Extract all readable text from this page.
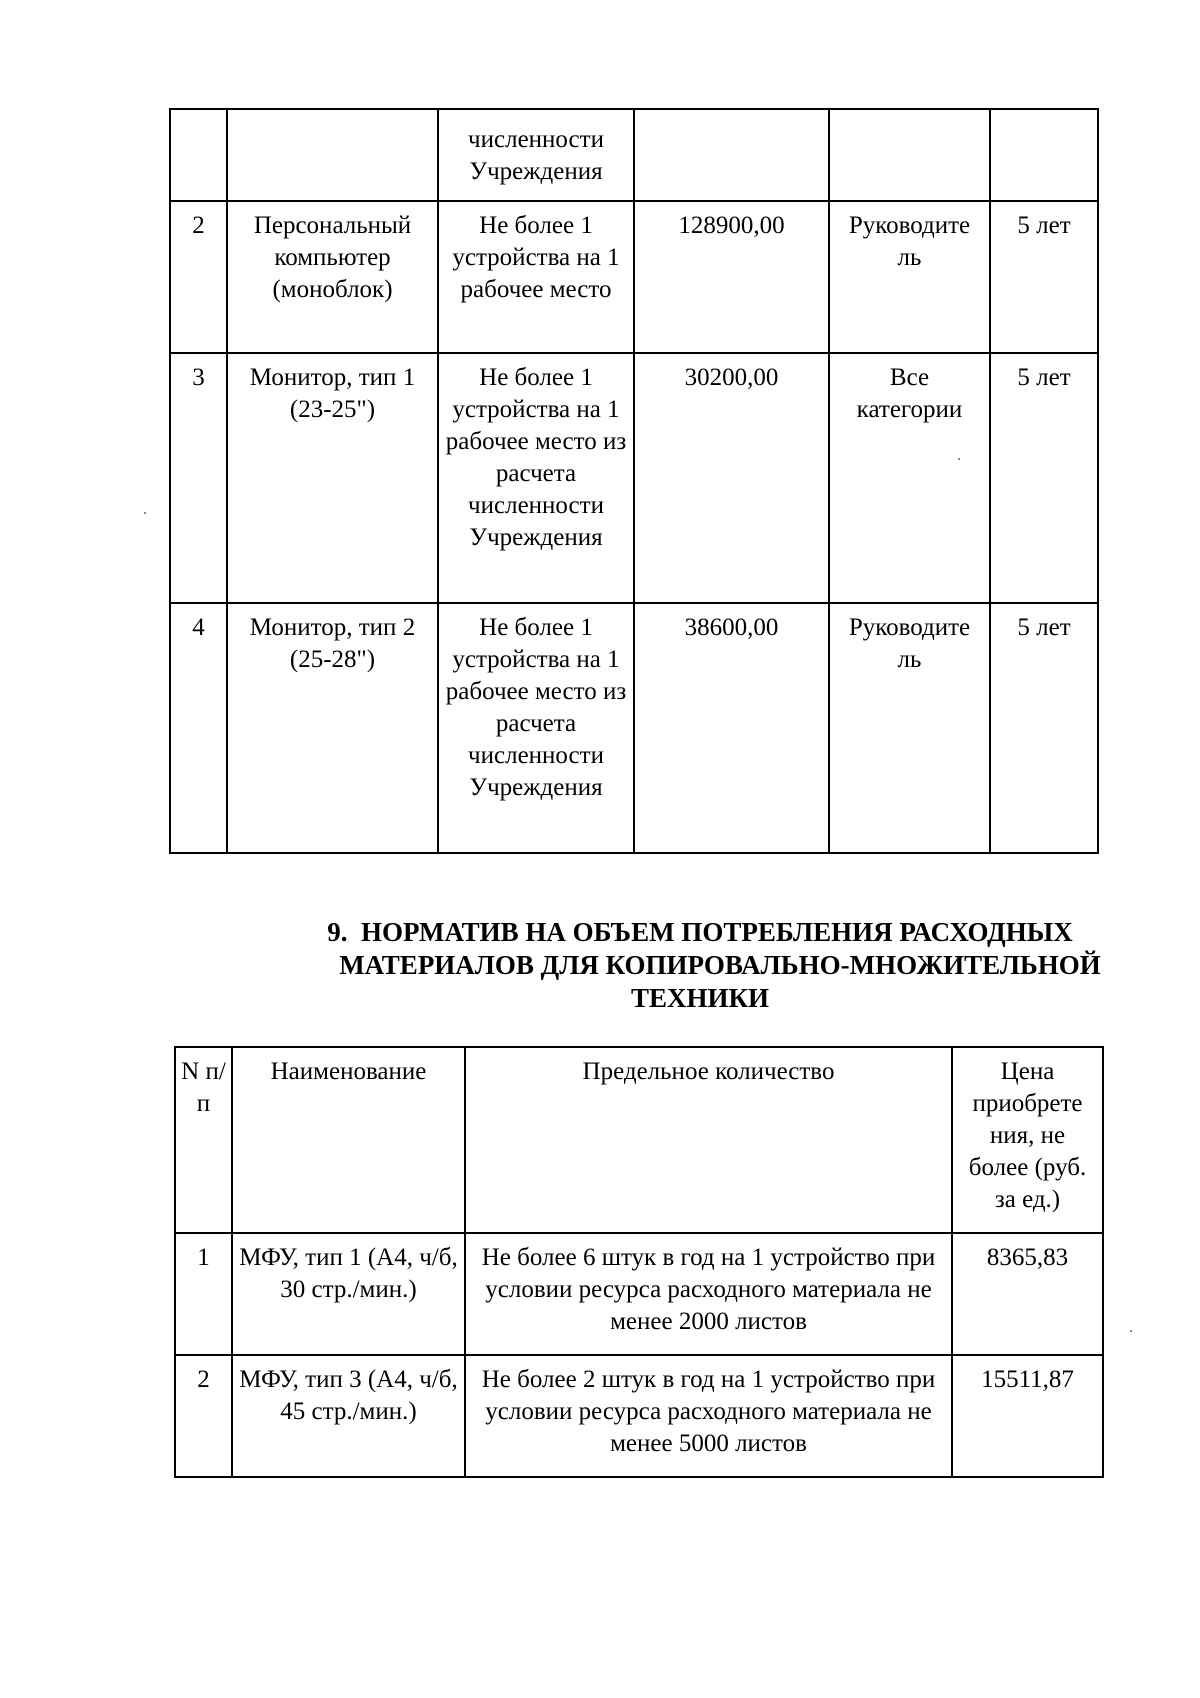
		численности Учреждения			

2	Персональный компьютер (моноблок)	Не более 1 устройства на 1 рабочее место	128900,00	Руководите ль	5 лет

3	Монитор, тип 1 (23-25")	Не более 1 устройства на 1 рабочее место из расчета численности Учреждения	30200,00	Все категории	5 лет

4	Монитор, тип 2 (25-28")	Не более 1 устройства на 1 рабочее место из расчета численности Учреждения	38600,00	Руководите ль	5 лет
9. НОРМАТИВ НА ОБЪЕМ ПОТРЕБЛЕНИЯ РАСХОДНЫХ
МАТЕРИАЛОВ ДЛЯ КОПИРОВАЛЬНО-МНОЖИТЕЛЬНОЙ
ТЕХНИКИ
N п/п	Наименование	Предельное количество	Цена приобрете ния, не более (руб. за ед.)

1	МФУ, тип 1 (А4, ч/б, 30 стр./мин.)	Не более 6 штук в год на 1 устройство при условии ресурса расходного материала не менее 2000 листов	8365,83

2	МФУ, тип 3 (А4, ч/б, 45 стр./мин.)	Не более 2 штук в год на 1 устройство при условии ресурса расходного материала не менее 5000 листов	15511,87
